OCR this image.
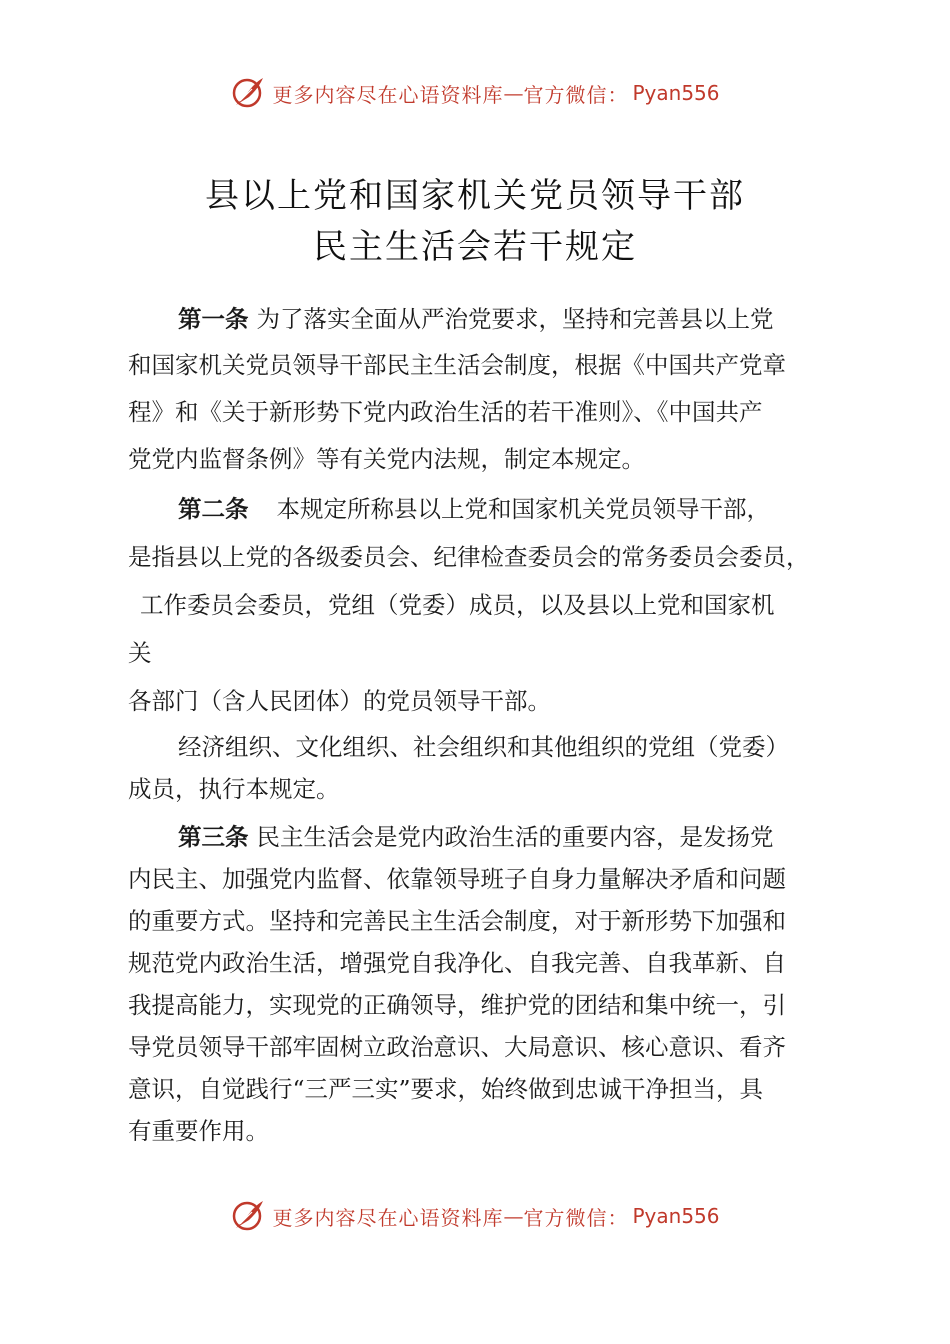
更多内容尽在心语资料库 — 官方微信： Pyan556
县以上党和国家机关党员领导干部
民主生活会若干规定
第一条 为了落实全面从严治党要求，坚持和完善县以上党
和国家机关党员领导干部民主生活会制度，根据《中国共产党章
程》和《关于新形势下党内政治生活的若干准则》、《中国共产
党党内监督条例》等有关党内法规，制定本规定。
第二条 本规定所称县以上党和国家机关党员领导干部，
是指县以上党的各级委员会、纪律检查委员会的常务委员会委员，
工作委员会委员，党组（党委）成员，以及县以上党和国家机
关
各部门（含人民团体）的党员领导干部。
经济组织、文化组织、社会组织和其他组织的党组（党委）
成员，执行本规定。
第三条 民主生活会是党内政治生活的重要内容，是发扬党
内民主、加强党内监督、依靠领导班子自身力量解决矛盾和问题
的重要方式。坚持和完善民主生活会制度，对于新形势下加强和
规范党内政治生活，增强党自我净化、自我完善、自我革新、自
我提高能力，实现党的正确领导，维护党的团结和集中统一，引
导党员领导干部牢固树立政治意识、大局意识、核心意识、看齐
意识，自觉践行“三严三实”要求，始终做到忠诚干净担当，具
有重要作用。
更多内容尽在心语资料库 — 官方微信： Pyan556
